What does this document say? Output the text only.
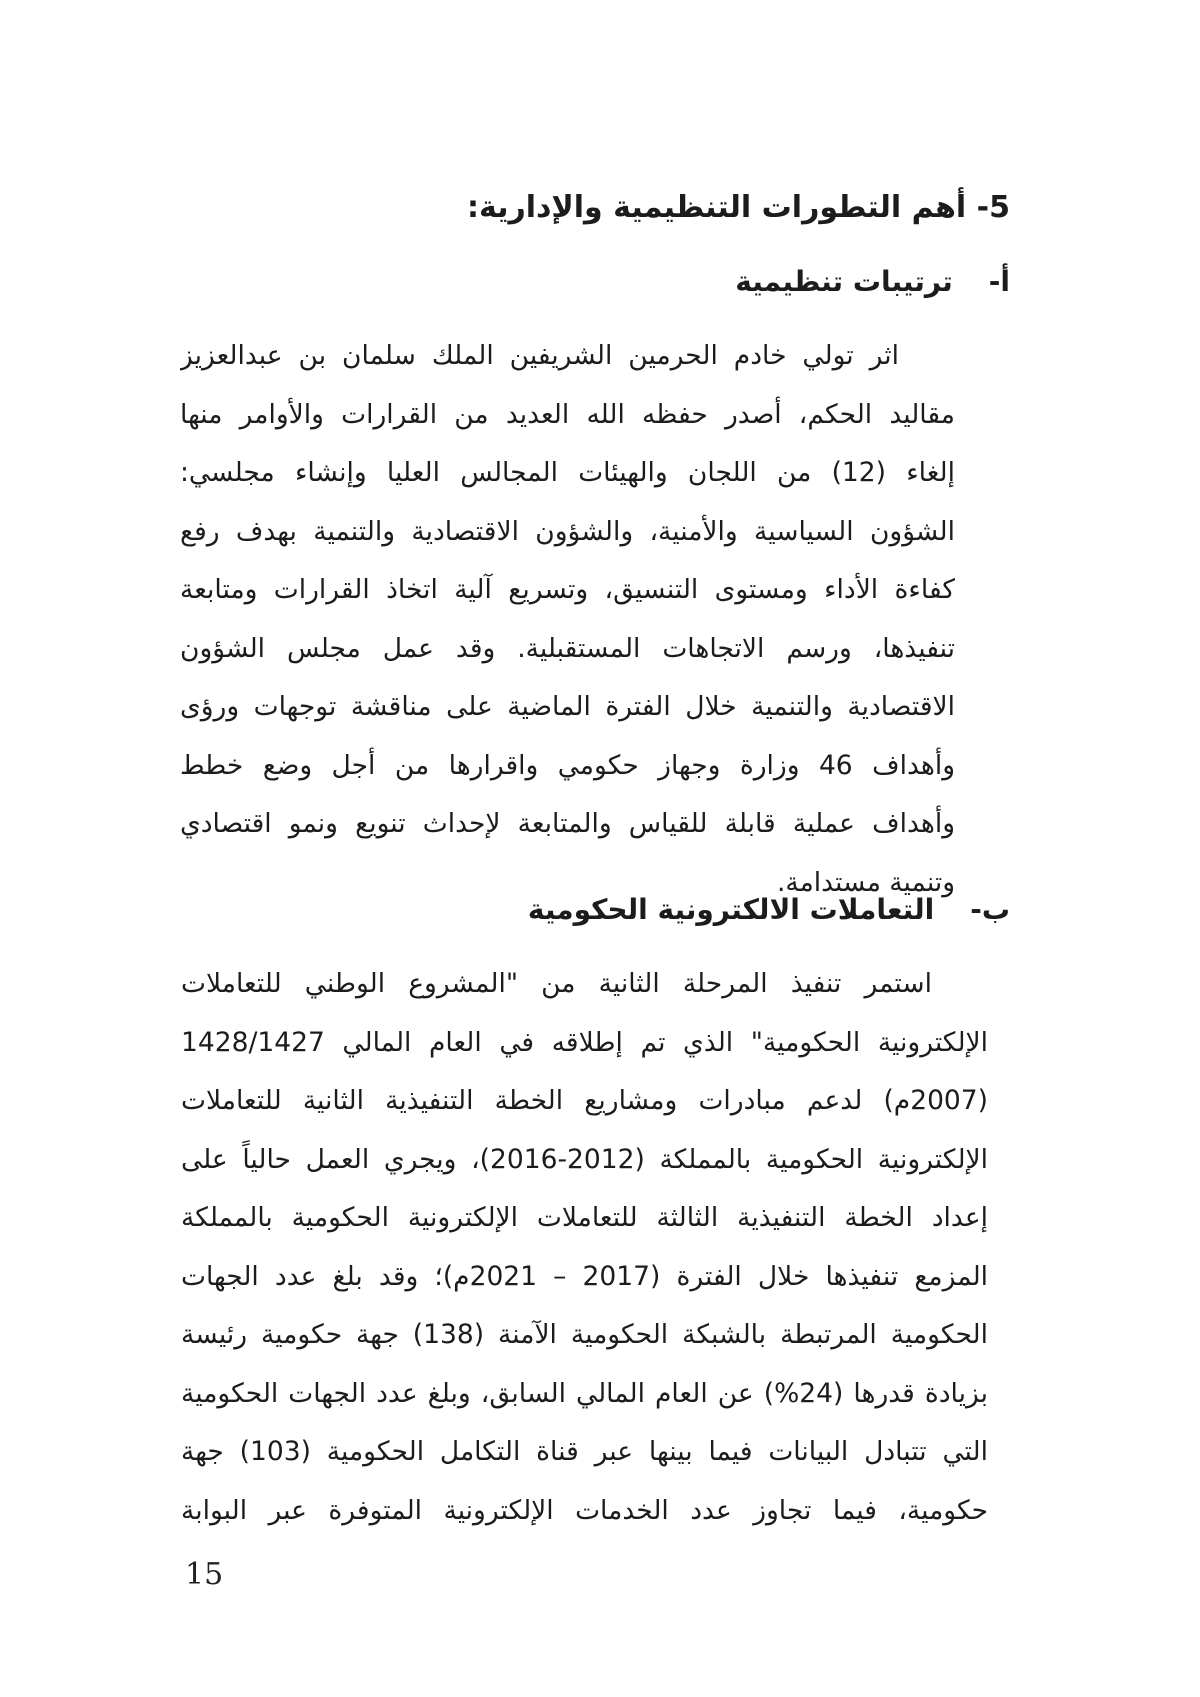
5- أهم التطورات التنظيمية والإدارية:
أ-ترتيبات تنظيمية
اثر تولي خادم الحرمين الشريفين الملك سلمان بن عبدالعزيز
مقاليد الحكم، أصدر حفظه الله العديد من القرارات والأوامر منها
إلغاء (12) من اللجان والهيئات المجالس العليا وإنشاء مجلسي:
الشؤون السياسية والأمنية، والشؤون الاقتصادية والتنمية بهدف رفع
كفاءة الأداء ومستوى التنسيق، وتسريع آلية اتخاذ القرارات ومتابعة
تنفيذها، ورسم الاتجاهات المستقبلية. وقد عمل مجلس الشؤون
الاقتصادية والتنمية خلال الفترة الماضية على مناقشة توجهات ورؤى
وأهداف 46 وزارة وجهاز حكومي واقرارها من أجل وضع خطط
وأهداف عملية قابلة للقياس والمتابعة لإحداث تنويع ونمو اقتصادي
وتنمية مستدامة.
ب-التعاملات الالكترونية الحكومية
استمر تنفيذ المرحلة الثانية من "المشروع الوطني للتعاملات
الإلكترونية الحكومية" الذي تم إطلاقه في العام المالي 1428/1427
(2007م) لدعم مبادرات ومشاريع الخطة التنفيذية الثانية للتعاملات
الإلكترونية الحكومية بالمملكة (2012-2016)، ويجري العمل حالياً على
إعداد الخطة التنفيذية الثالثة للتعاملات الإلكترونية الحكومية بالمملكة
المزمع تنفيذها خلال الفترة (2017 – 2021م)؛ وقد بلغ عدد الجهات
الحكومية المرتبطة بالشبكة الحكومية الآمنة (138) جهة حكومية رئيسة
بزيادة قدرها (24%) عن العام المالي السابق، وبلغ عدد الجهات الحكومية
التي تتبادل البيانات فيما بينها عبر قناة التكامل الحكومية (103) جهة
حكومية، فيما تجاوز عدد الخدمات الإلكترونية المتوفرة عبر البوابة
15
